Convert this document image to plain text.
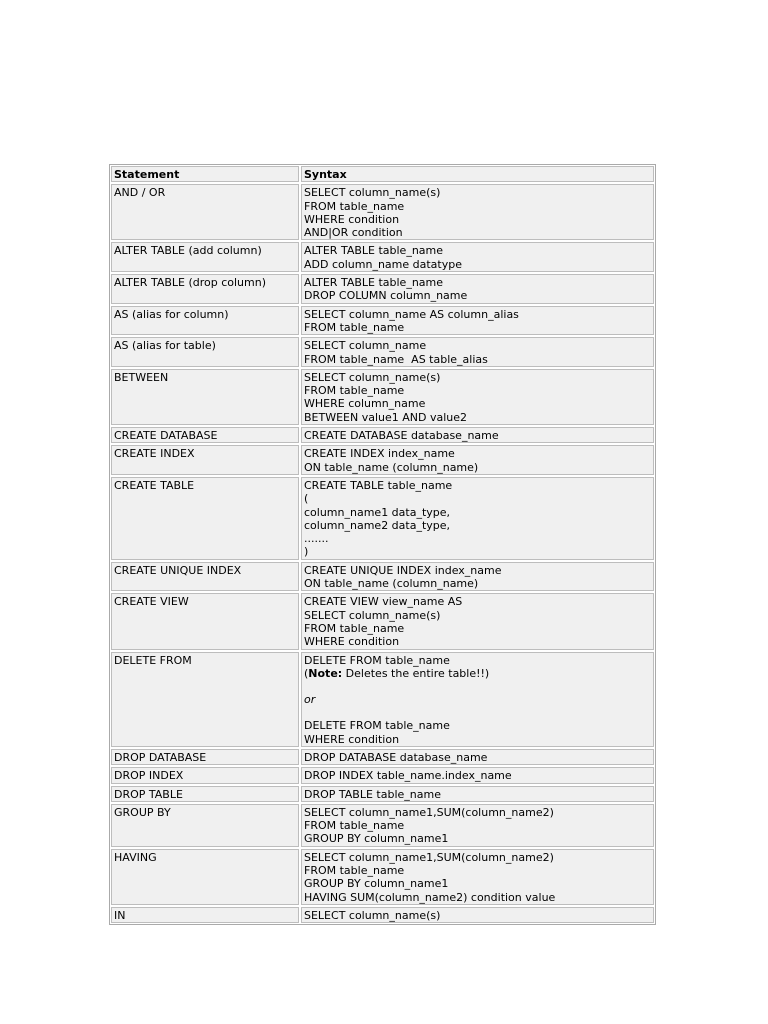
Statement	Syntax
AND / OR	SELECT column_name(s)
FROM table_name
WHERE condition
AND|OR condition
ALTER TABLE (add column)	ALTER TABLE table_name
ADD column_name datatype
ALTER TABLE (drop column)	ALTER TABLE table_name
DROP COLUMN column_name
AS (alias for column)	SELECT column_name AS column_alias
FROM table_name
AS (alias for table)	SELECT column_name
FROM table_name  AS table_alias
BETWEEN	SELECT column_name(s)
FROM table_name
WHERE column_name
BETWEEN value1 AND value2
CREATE DATABASE	CREATE DATABASE database_name
CREATE INDEX	CREATE INDEX index_name
ON table_name (column_name)
CREATE TABLE	CREATE TABLE table_name
(
column_name1 data_type,
column_name2 data_type,
.......
)
CREATE UNIQUE INDEX	CREATE UNIQUE INDEX index_name
ON table_name (column_name)
CREATE VIEW	CREATE VIEW view_name AS
SELECT column_name(s)
FROM table_name
WHERE condition
DELETE FROM	DELETE FROM table_name
(Note: Deletes the entire table!!)
or
DELETE FROM table_name
WHERE condition
DROP DATABASE	DROP DATABASE database_name
DROP INDEX	DROP INDEX table_name.index_name
DROP TABLE	DROP TABLE table_name
GROUP BY	SELECT column_name1,SUM(column_name2)
FROM table_name
GROUP BY column_name1
HAVING	SELECT column_name1,SUM(column_name2)
FROM table_name
GROUP BY column_name1
HAVING SUM(column_name2) condition value
IN	SELECT column_name(s)
